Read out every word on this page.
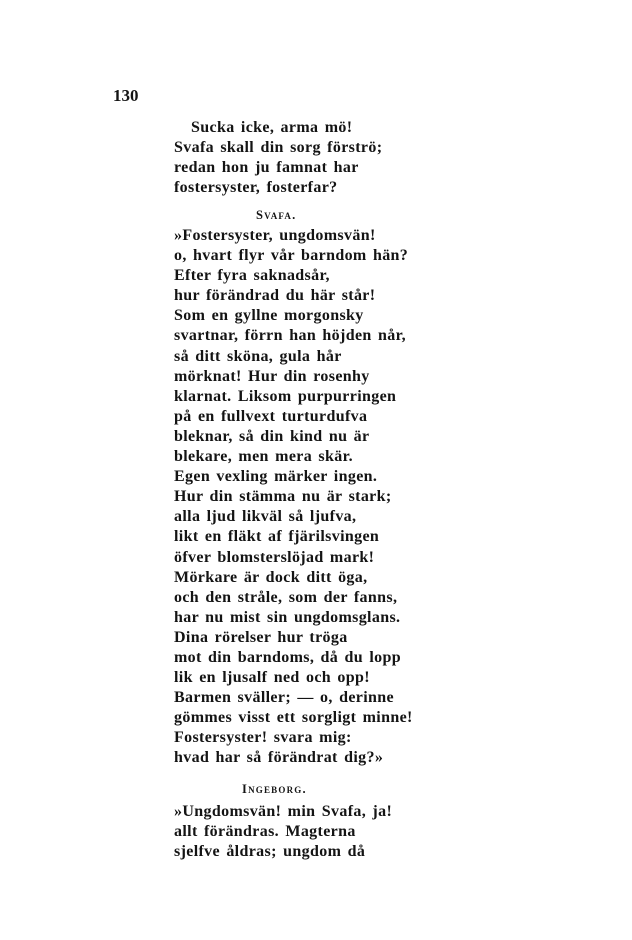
130
Sucka icke, arma mö!
Svafa skall din sorg förströ;
redan hon ju famnat har
fostersyster, fosterfar?
Svafa.
»Fostersyster, ungdomsvän!
o, hvart flyr vår barndom hän?
Efter fyra saknadsår,
hur förändrad du här står!
Som en gyllne morgonsky
svartnar, förrn han höjden når,
så ditt sköna, gula hår
mörknat! Hur din rosenhy
klarnat. Liksom purpurringen
på en fullvext turturdufva
bleknar, så din kind nu är
blekare, men mera skär.
Egen vexling märker ingen.
Hur din stämma nu är stark;
alla ljud likväl så ljufva,
likt en fläkt af fjärilsvingen
öfver blomsterslöjad mark!
Mörkare är dock ditt öga,
och den stråle, som der fanns,
har nu mist sin ungdomsglans.
Dina rörelser hur tröga
mot din barndoms, då du lopp
lik en ljusalf ned och opp!
Barmen sväller; — o, derinne
gömmes visst ett sorgligt minne!
Fostersyster! svara mig:
hvad har så förändrat dig?»
Ingeborg.
»Ungdomsvän! min Svafa, ja!
allt förändras. Magterna
sjelfve åldras; ungdom då
